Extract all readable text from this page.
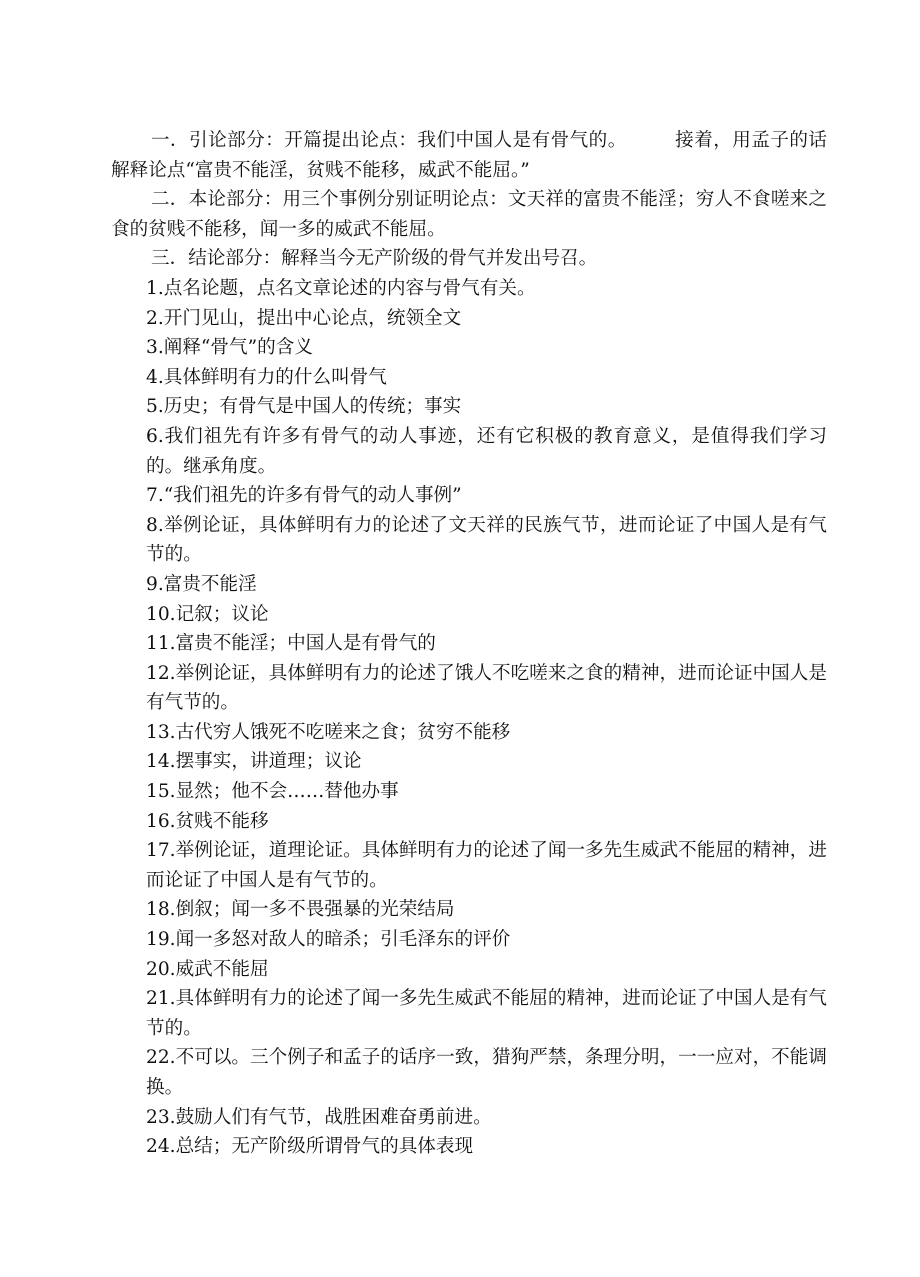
一．引论部分：开篇提出论点：我们中国人是有骨气的。	接着，用孟子的话解释论点“富贵不能淫，贫贱不能移，威武不能屈。”

二．本论部分：用三个事例分别证明论点：文天祥的富贵不能淫；穷人不食嗟来之食的贫贱不能移，闻一多的威武不能屈。

三．结论部分：解释当今无产阶级的骨气并发出号召。

1.点名论题，点名文章论述的内容与骨气有关。

2.开门见山，提出中心论点，统领全文

3.阐释“骨气”的含义

4.具体鲜明有力的什么叫骨气

5.历史；有骨气是中国人的传统；事实

6.我们祖先有许多有骨气的动人事迹，还有它积极的教育意义，是值得我们学习的。继承角度。

7.“我们祖先的许多有骨气的动人事例”

8.举例论证，具体鲜明有力的论述了文天祥的民族气节，进而论证了中国人是有气节的。

9.富贵不能淫

10.记叙；议论

11.富贵不能淫；中国人是有骨气的

12.举例论证，具体鲜明有力的论述了饿人不吃嗟来之食的精神，进而论证中国人是有气节的。

13.古代穷人饿死不吃嗟来之食；贫穷不能移

14.摆事实，讲道理；议论

15.显然；他不会……替他办事

16.贫贱不能移

17.举例论证，道理论证。具体鲜明有力的论述了闻一多先生威武不能屈的精神，进而论证了中国人是有气节的。

18.倒叙；闻一多不畏强暴的光荣结局

19.闻一多怒对敌人的暗杀；引毛泽东的评价

20.威武不能屈

21.具体鲜明有力的论述了闻一多先生威武不能屈的精神，进而论证了中国人是有气节的。

22.不可以。三个例子和孟子的话序一致，猎狗严禁，条理分明，一一应对，不能调换。

23.鼓励人们有气节，战胜困难奋勇前进。

24.总结；无产阶级所谓骨气的具体表现
